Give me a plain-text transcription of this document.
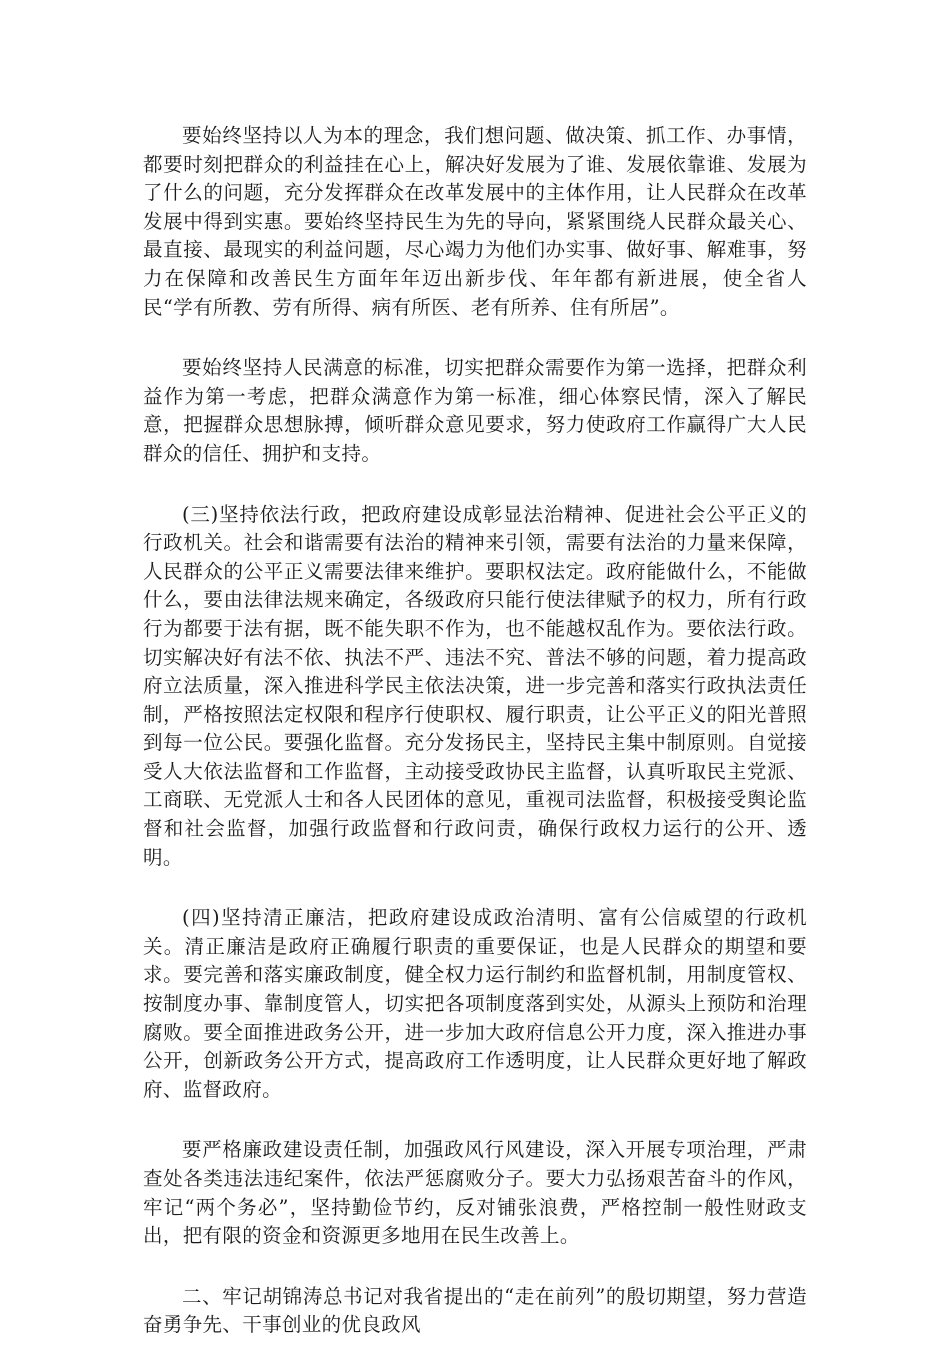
要始终坚持以人为本的理念，我们想问题、做决策、抓工作、办事情，都要时刻把群众的利益挂在心上，解决好发展为了谁、发展依靠谁、发展为了什么的问题，充分发挥群众在改革发展中的主体作用，让人民群众在改革发展中得到实惠。要始终坚持民生为先的导向，紧紧围绕人民群众最关心、最直接、最现实的利益问题，尽心竭力为他们办实事、做好事、解难事，努力在保障和改善民生方面年年迈出新步伐、年年都有新进展，使全省人民“学有所教、劳有所得、病有所医、老有所养、住有所居”。

要始终坚持人民满意的标准，切实把群众需要作为第一选择，把群众利益作为第一考虑，把群众满意作为第一标准，细心体察民情，深入了解民意，把握群众思想脉搏，倾听群众意见要求，努力使政府工作赢得广大人民群众的信任、拥护和支持。

(三)坚持依法行政，把政府建设成彰显法治精神、促进社会公平正义的行政机关。社会和谐需要有法治的精神来引领，需要有法治的力量来保障，人民群众的公平正义需要法律来维护。要职权法定。政府能做什么，不能做什么，要由法律法规来确定，各级政府只能行使法律赋予的权力，所有行政行为都要于法有据，既不能失职不作为，也不能越权乱作为。要依法行政。切实解决好有法不依、执法不严、违法不究、普法不够的问题，着力提高政府立法质量，深入推进科学民主依法决策，进一步完善和落实行政执法责任制，严格按照法定权限和程序行使职权、履行职责，让公平正义的阳光普照到每一位公民。要强化监督。充分发扬民主，坚持民主集中制原则。自觉接受人大依法监督和工作监督，主动接受政协民主监督，认真听取民主党派、工商联、无党派人士和各人民团体的意见，重视司法监督，积极接受舆论监督和社会监督，加强行政监督和行政问责，确保行政权力运行的公开、透明。

(四)坚持清正廉洁，把政府建设成政治清明、富有公信威望的行政机关。清正廉洁是政府正确履行职责的重要保证，也是人民群众的期望和要求。要完善和落实廉政制度，健全权力运行制约和监督机制，用制度管权、按制度办事、靠制度管人，切实把各项制度落到实处，从源头上预防和治理腐败。要全面推进政务公开，进一步加大政府信息公开力度，深入推进办事公开，创新政务公开方式，提高政府工作透明度，让人民群众更好地了解政府、监督政府。

要严格廉政建设责任制，加强政风行风建设，深入开展专项治理，严肃查处各类违法违纪案件，依法严惩腐败分子。要大力弘扬艰苦奋斗的作风，牢记“两个务必”，坚持勤俭节约，反对铺张浪费，严格控制一般性财政支出，把有限的资金和资源更多地用在民生改善上。

二、牢记胡锦涛总书记对我省提出的“走在前列”的殷切期望，努力营造奋勇争先、干事创业的优良政风
